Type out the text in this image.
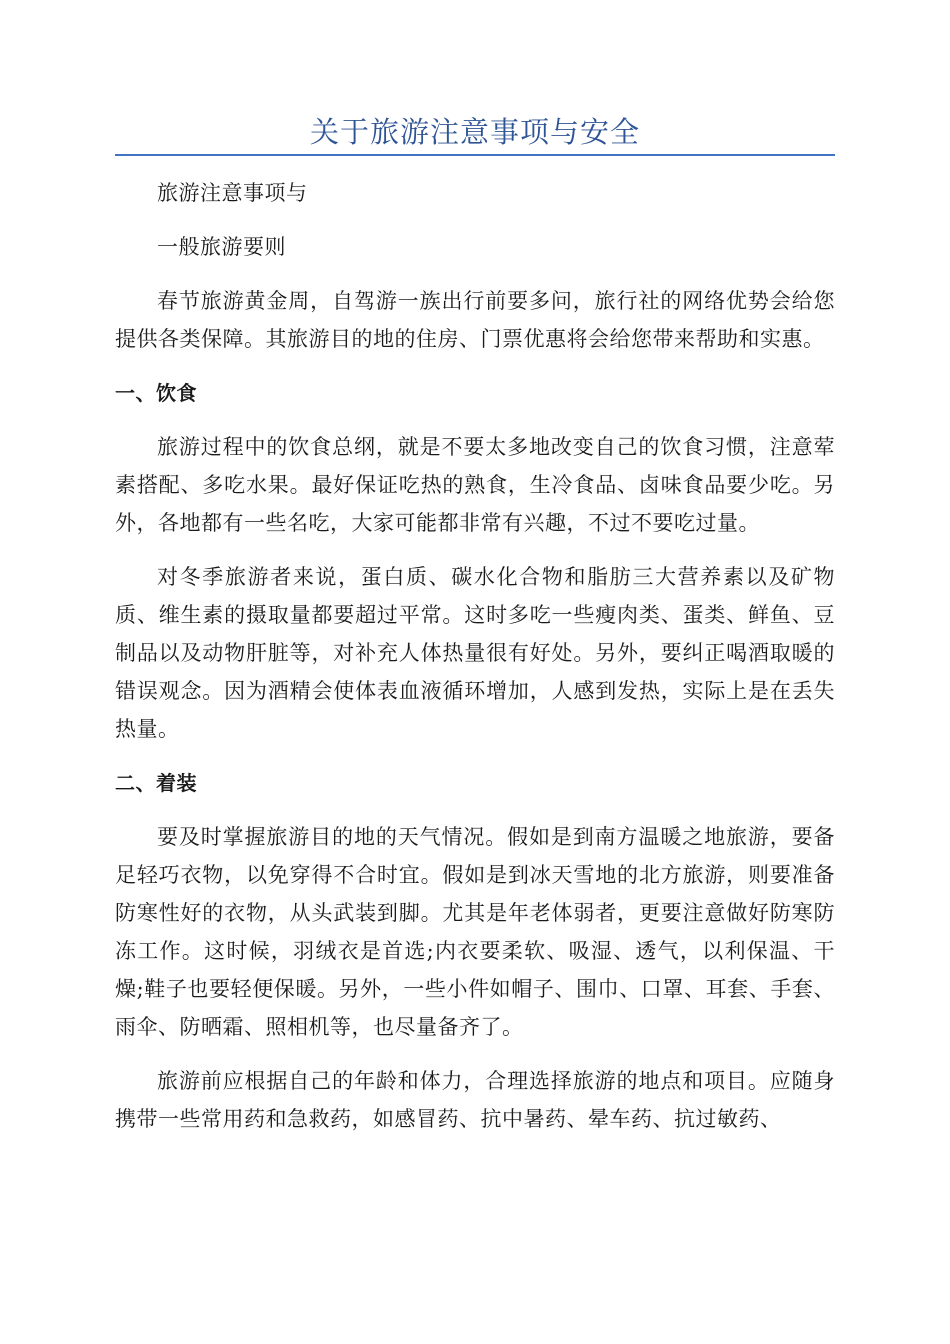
关于旅游注意事项与安全

旅游注意事项与

一般旅游要则

春节旅游黄金周，自驾游一族出行前要多问，旅行社的网络优势会给您提供各类保障。其旅游目的地的住房、门票优惠将会给您带来帮助和实惠。

一、饮食

旅游过程中的饮食总纲，就是不要太多地改变自己的饮食习惯，注意荤素搭配、多吃水果。最好保证吃热的熟食，生冷食品、卤味食品要少吃。另外，各地都有一些名吃，大家可能都非常有兴趣，不过不要吃过量。

对冬季旅游者来说，蛋白质、碳水化合物和脂肪三大营养素以及矿物质、维生素的摄取量都要超过平常。这时多吃一些瘦肉类、蛋类、鲜鱼、豆制品以及动物肝脏等，对补充人体热量很有好处。另外，要纠正喝酒取暖的错误观念。因为酒精会使体表血液循环增加，人感到发热，实际上是在丢失热量。

二、着装

要及时掌握旅游目的地的天气情况。假如是到南方温暖之地旅游，要备足轻巧衣物，以免穿得不合时宜。假如是到冰天雪地的北方旅游，则要准备防寒性好的衣物，从头武装到脚。尤其是年老体弱者，更要注意做好防寒防冻工作。这时候，羽绒衣是首选;内衣要柔软、吸湿、透气，以利保温、干燥;鞋子也要轻便保暖。另外，一些小件如帽子、围巾、口罩、耳套、手套、雨伞、防晒霜、照相机等，也尽量备齐了。

旅游前应根据自己的年龄和体力，合理选择旅游的地点和项目。应随身携带一些常用药和急救药，如感冒药、抗中暑药、晕车药、抗过敏药、
